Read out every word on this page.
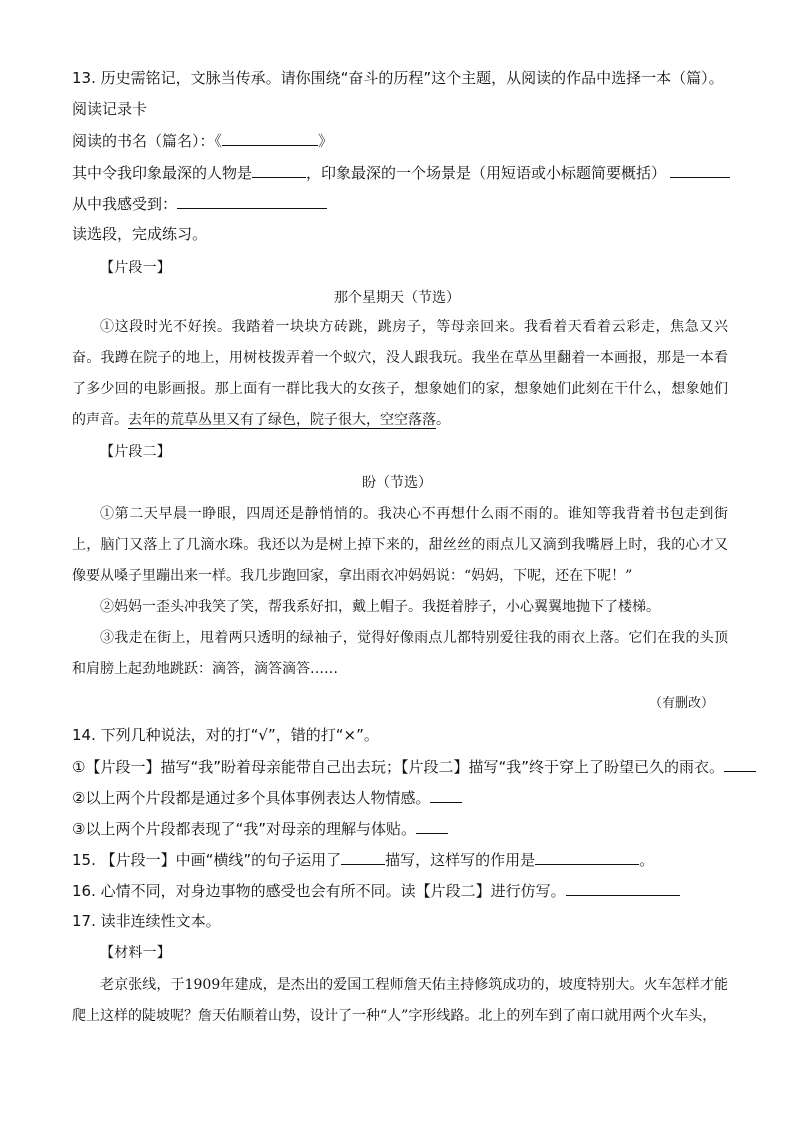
13. 历史需铭记，文脉当传承。请你围绕“奋斗的历程”这个主题，从阅读的作品中选择一本（篇）。
阅读记录卡
阅读的书名（篇名）：《	》
其中令我印象最深的人物是	，印象最深的一个场景是（用短语或小标题简要概括）
从中我感受到：
读选段，完成练习。
【片段一】
那个星期天（节选）
①这段时光不好挨。我踏着一块块方砖跳，跳房子，等母亲回来。我看着天看着云彩走，焦急又兴奋。我蹲在院子的地上，用树枝拨弄着一个蚁穴，没人跟我玩。我坐在草丛里翻着一本画报，那是一本看了多少回的电影画报。那上面有一群比我大的女孩子，想象她们的家，想象她们此刻在干什么，想象她们的声音。去年的荒草丛里又有了绿色，院子很大，空空落落。
【片段二】
盼（节选）
①第二天早晨一睁眼，四周还是静悄悄的。我决心不再想什么雨不雨的。谁知等我背着书包走到街上，脑门又落上了几滴水珠。我还以为是树上掉下来的，甜丝丝的雨点儿又滴到我嘴唇上时，我的心才又像要从嗓子里蹦出来一样。我几步跑回家，拿出雨衣冲妈妈说：“妈妈，下呢，还在下呢！”
②妈妈一歪头冲我笑了笑，帮我系好扣，戴上帽子。我挺着脖子，小心翼翼地抛下了楼梯。
③我走在街上，甩着两只透明的绿袖子，觉得好像雨点儿都特别爱往我的雨衣上落。它们在我的头顶和肩膀上起劲地跳跃：滴答，滴答滴答……
（有删改）
14. 下列几种说法，对的打“√”，错的打“×”。
①【片段一】描写“我”盼着母亲能带自己出去玩；【片段二】描写“我”终于穿上了盼望已久的雨衣。
②以上两个片段都是通过多个具体事例表达人物情感。
③以上两个片段都表现了“我”对母亲的理解与体贴。
15. 【片段一】中画“横线”的句子运用了	描写，这样写的作用是	。
16. 心情不同，对身边事物的感受也会有所不同。读【片段二】进行仿写。
17. 读非连续性文本。
【材料一】
老京张线，于1909年建成，是杰出的爱国工程师詹天佑主持修筑成功的，坡度特别大。火车怎样才能爬上这样的陡坡呢？詹天佑顺着山势，设计了一种“人”字形线路。北上的列车到了南口就用两个火车头，
